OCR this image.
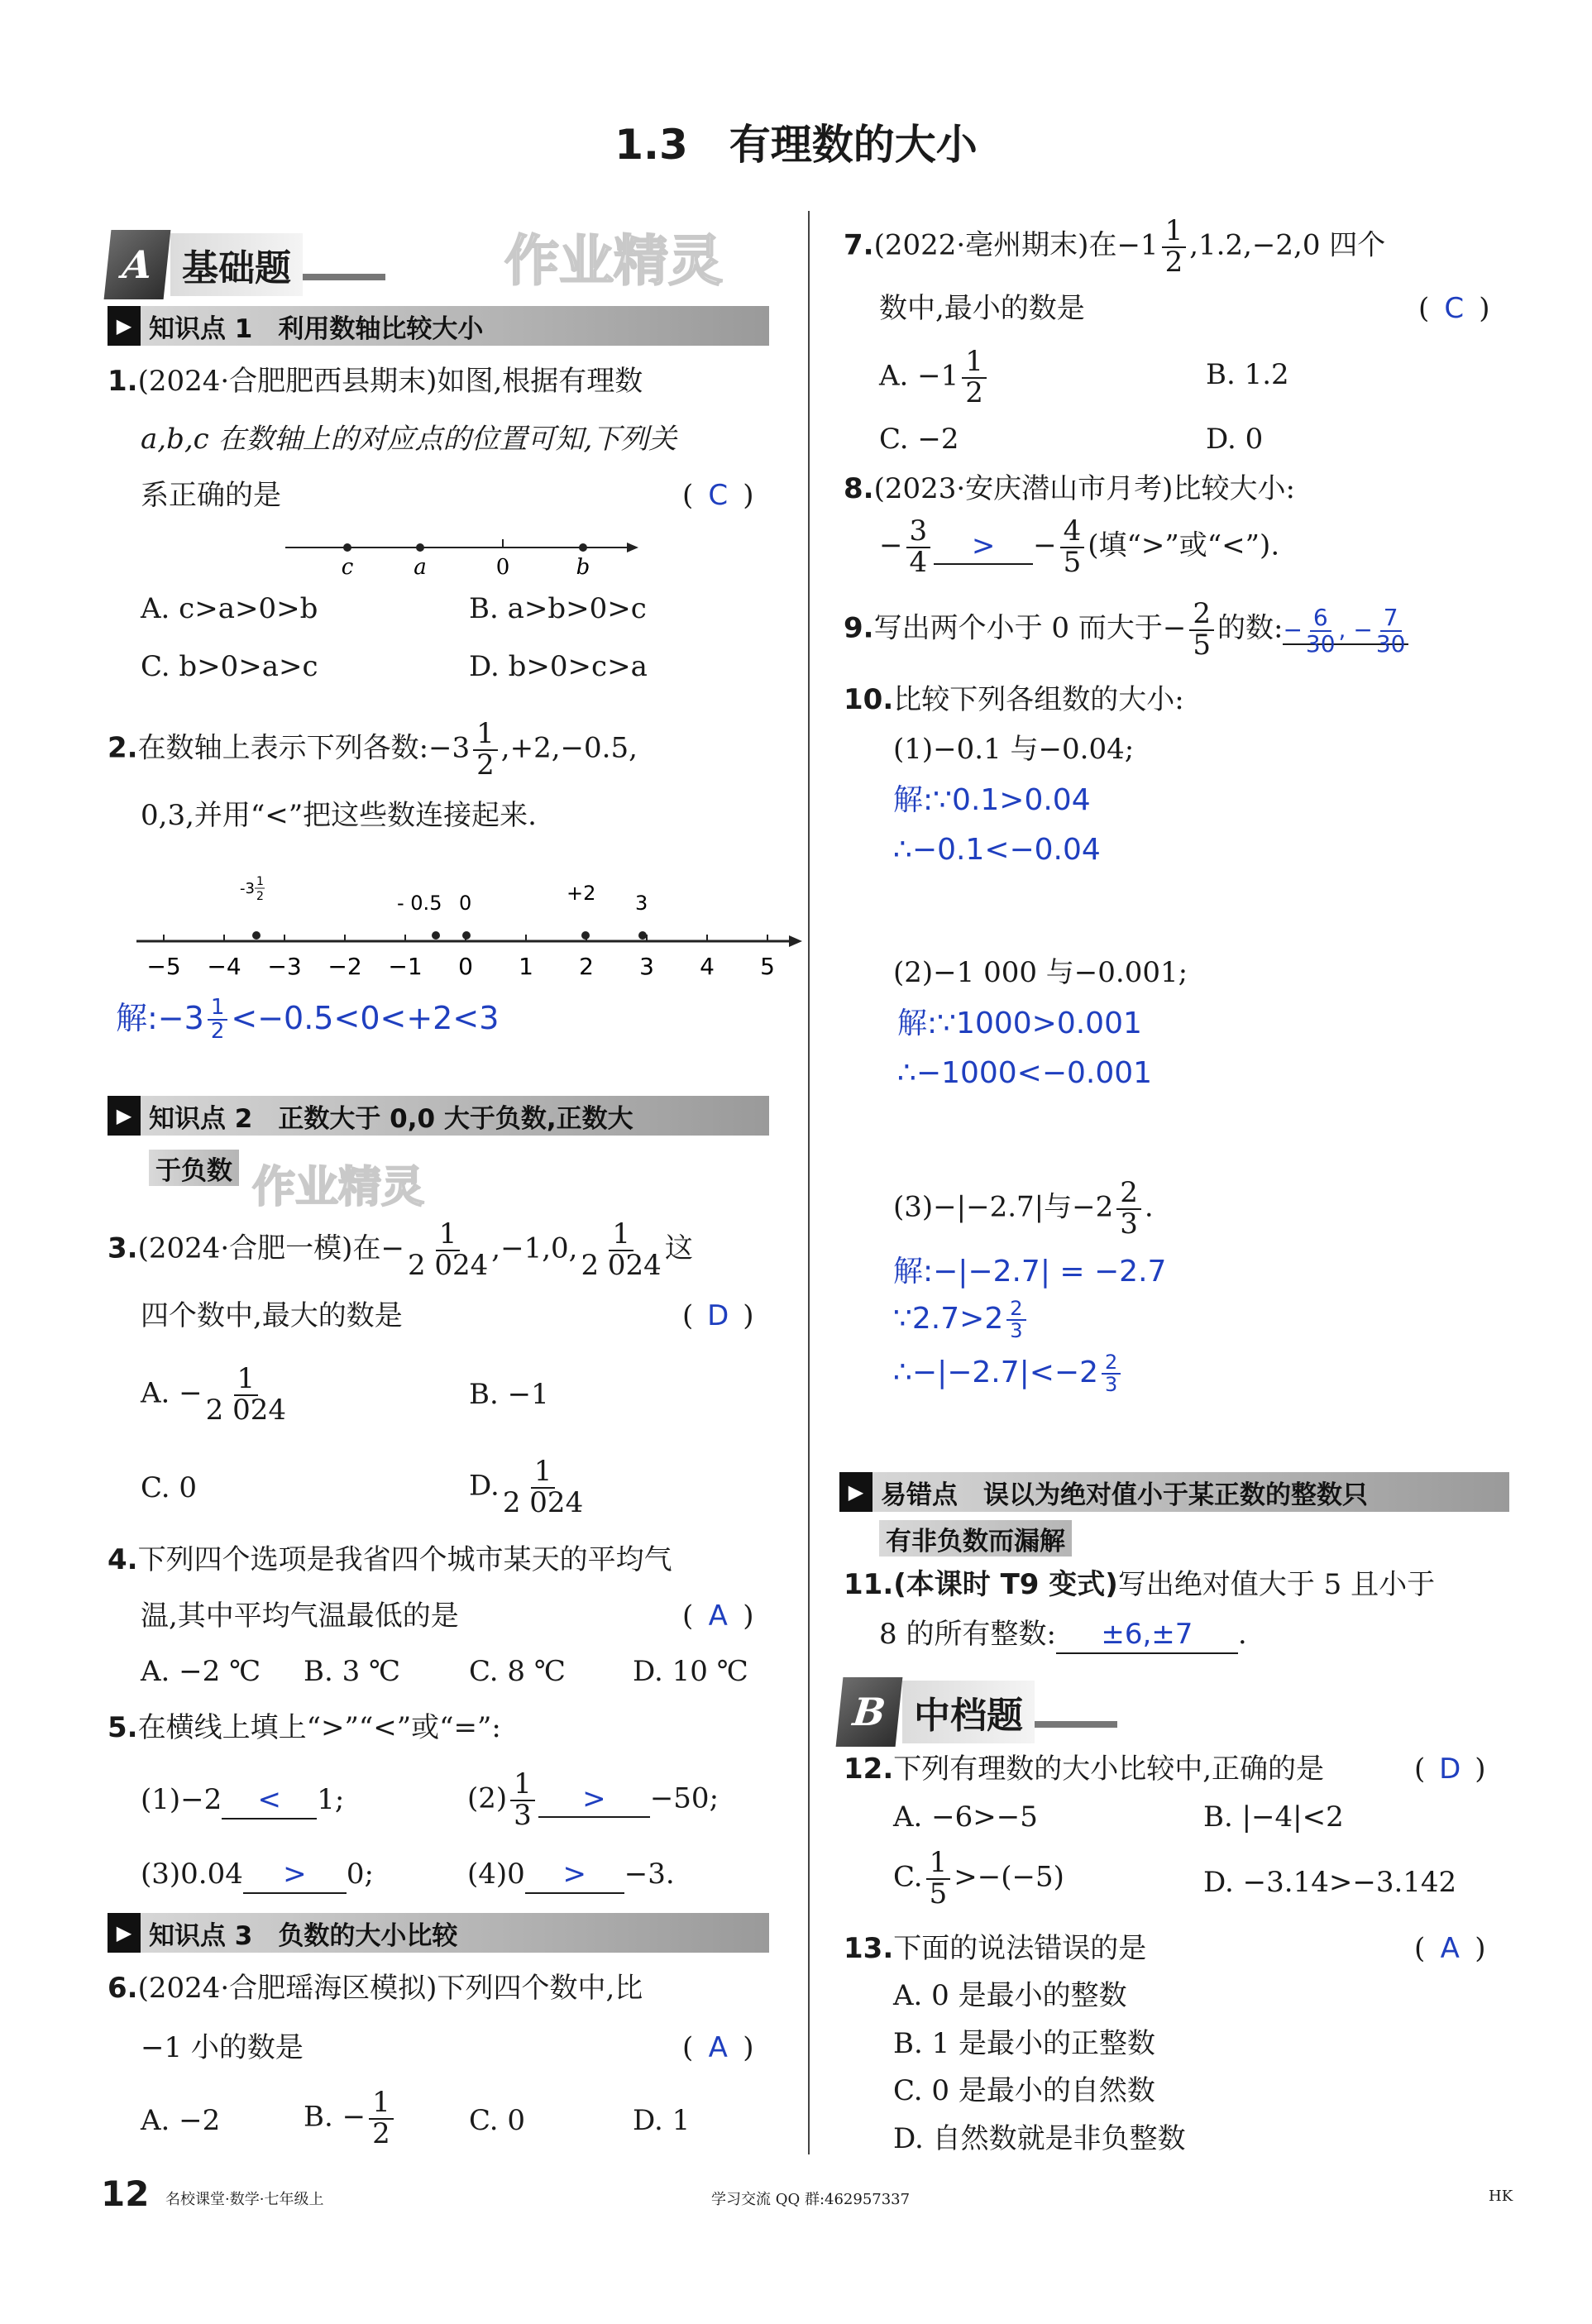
1.3　有理数的大小
A 基础题	作业精灵
▶ 知识点 1　利用数轴比较大小
1.(2024·合肥肥西县期末)如图,根据有理数
a,b,c 在数轴上的对应点的位置可知,下列关
系正确的是	( C )
c	a	0	b
A. c>a>0>b	B. a>b>0>c
C. b>0>a>c	D. b>0>c>a
2.在数轴上表示下列各数:−3 $\frac{1}{2} ,+2,-0.5$,
0,3,并用“<”把这些数连接起来.
−5 −4 −3 −2 −1 0 1 2 3 4 5
-3 1
2	- 0.5 0	+2 3
解:−3 $\frac{1}{2} <-0.5<0<+2<3$
▶ 知识点 2　正数大于 0,0 大于负数,正数大
于负数 作业精灵
3.(2024·合肥一模)在− $\frac{1}{2 024} ,-1,0$, $\frac{1}{2 024}$ 这
四个数中,最大的数是	( D )
A. − $\frac{1}{2 024}$	B. −1
C. 0	D. $\frac{1}{2 024}$
4.下列四个选项是我省四个城市某天的平均气
温,其中平均气温最低的是	( A )
A. −2 ℃ B. 3 ℃ C. 8 ℃ D. 10 ℃
5.在横线上填上“>”“<”或“=”:
(1)−2 < 1;	$(2) \frac{1}{3} > -50$;
(3)0.04 > 0;	(4)0 > −3.
▶ 知识点 3　负数的大小比较
6.(2024·合肥瑶海区模拟)下列四个数中,比
−1 小的数是	( A )
A. −2	B. − $\frac{1}{2}$	C. 0	D. 1
7.(2022·亳州期末)在$-1 \frac{1}{2} ,1.2,-2,0$ 四个
数中,最小的数是	( C )
A. $-1 \frac{1}{2}$	B. 1.2
C. −2	D. 0
8.(2023·安庆潜山市月考)比较大小:
− $\frac{3}{4}$ > − $\frac{4}{5}$ (填“>”或“<”).
9.写出两个小于 0 而大于− $\frac{2}{5}$ 的数:− $\frac{6}{30}$ , − $\frac{7}{30}$
10.比较下列各组数的大小:
(1)−0.1 与−0.04;
解:∵0.1>0.04
∴−0.1<−0.04
(2)−1 000 与−0.001;
解:∵1000>0.001
∴−1000<−0.001
(3)−|−2.7|与$-2 \frac{2}{3}$ .
解:−|−2.7| = −2.7
∵2.7>2 $\frac{2}{3}$
∴−|−2.7|<−2 $\frac{2}{3}$
▶ 易错点　误以为绝对值小于某正数的整数只
有非负数而漏解
11.(本课时 T9 变式)写出绝对值大于 5 且小于
8 的所有整数: ±6,±7 .
B 中档题
12.下列有理数的大小比较中,正确的是	( D )
A. −6>−5	B. |−4|<2
C. $\frac{1}{5} >-(-5)$	D. −3.14>−3.142
13.下面的说法错误的是	( A )
A. 0 是最小的整数
B. 1 是最小的正整数
C. 0 是最小的自然数
D. 自然数就是非负整数
12 名校课堂·数学·七年级上	学习交流 QQ 群:462957337	HK
